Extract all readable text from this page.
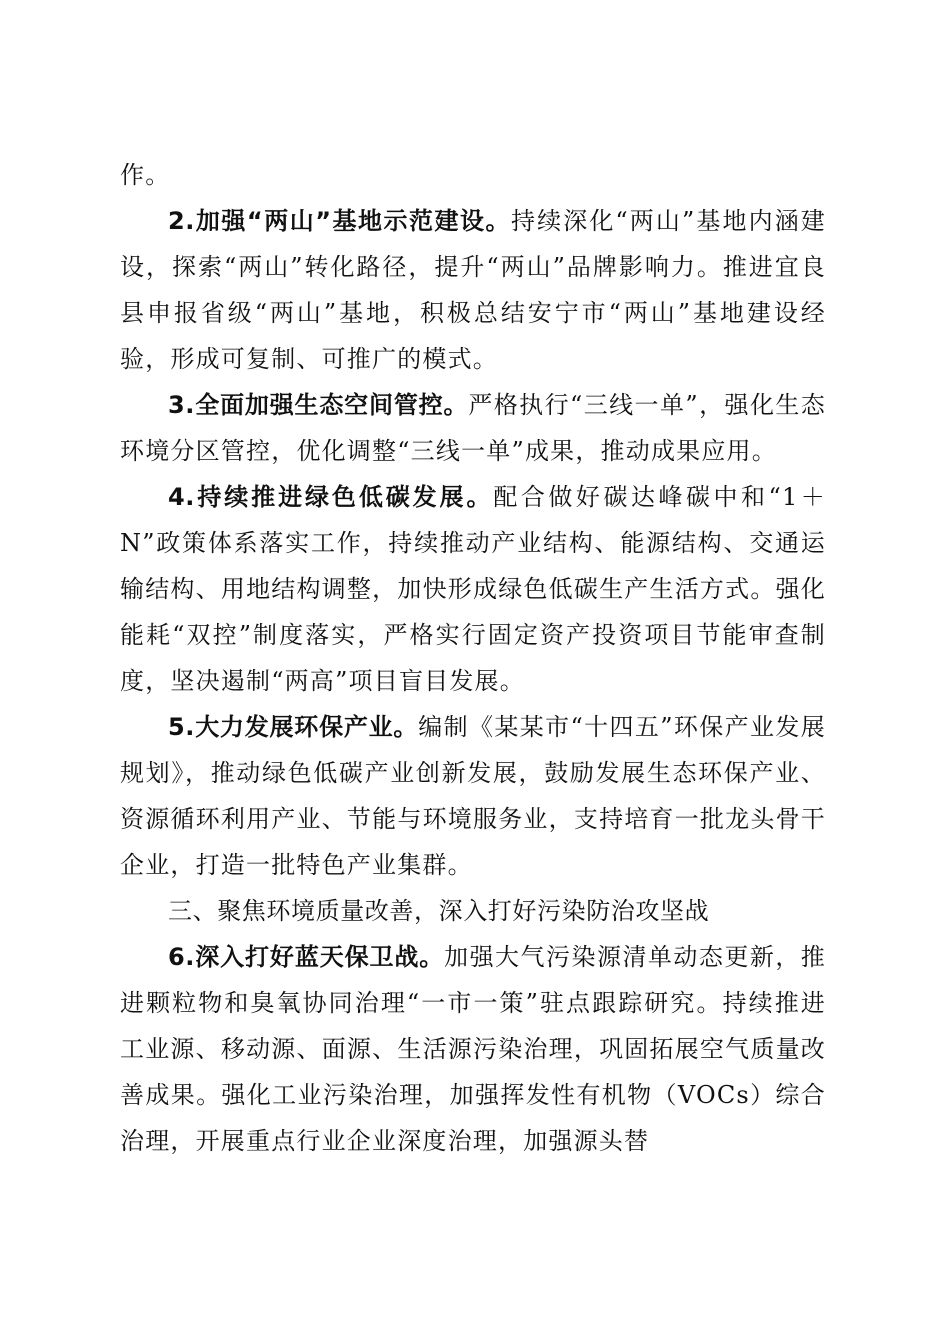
作。

2.加强“两山”基地示范建设。持续深化“两山”基地内涵建设，探索“两山”转化路径，提升“两山”品牌影响力。推进宜良县申报省级“两山”基地，积极总结安宁市“两山”基地建设经验，形成可复制、可推广的模式。

3.全面加强生态空间管控。严格执行“三线一单”，强化生态环境分区管控，优化调整“三线一单”成果，推动成果应用。

4.持续推进绿色低碳发展。配合做好碳达峰碳中和“1＋N”政策体系落实工作，持续推动产业结构、能源结构、交通运输结构、用地结构调整，加快形成绿色低碳生产生活方式。强化能耗“双控”制度落实，严格实行固定资产投资项目节能审查制度，坚决遏制“两高”项目盲目发展。

5.大力发展环保产业。编制《某某市“十四五”环保产业发展规划》，推动绿色低碳产业创新发展，鼓励发展生态环保产业、资源循环利用产业、节能与环境服务业，支持培育一批龙头骨干企业，打造一批特色产业集群。

三、聚焦环境质量改善，深入打好污染防治攻坚战

6.深入打好蓝天保卫战。加强大气污染源清单动态更新，推进颗粒物和臭氧协同治理“一市一策”驻点跟踪研究。持续推进工业源、移动源、面源、生活源污染治理，巩固拓展空气质量改善成果。强化工业污染治理，加强挥发性有机物（VOCs）综合治理，开展重点行业企业深度治理，加强源头替
